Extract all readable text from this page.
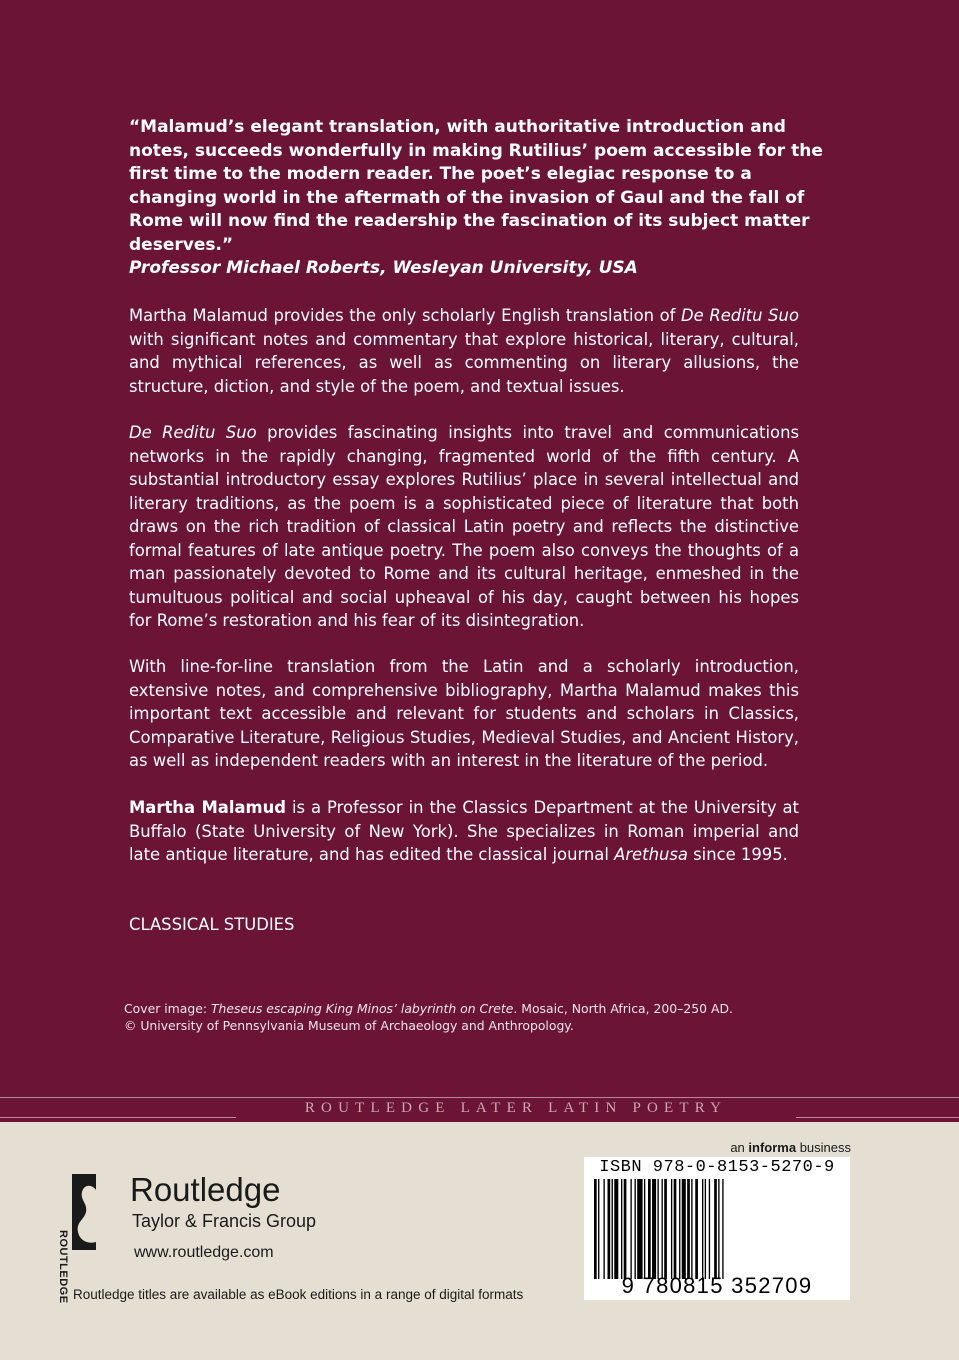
“Malamud’s elegant translation, with authoritative introduction and notes, succeeds wonderfully in making Rutilius’ poem accessible for the first time to the modern reader. The poet’s elegiac response to a changing world in the aftermath of the invasion of Gaul and the fall of Rome will now find the readership the fascination of its subject matter deserves.”
Professor Michael Roberts, Wesleyan University, USA
Martha Malamud provides the only scholarly English translation of De Reditu Suo with significant notes and commentary that explore historical, literary, cultural, and mythical references, as well as commenting on literary allusions, the structure, diction, and style of the poem, and textual issues.
De Reditu Suo provides fascinating insights into travel and communications networks in the rapidly changing, fragmented world of the fifth century. A substantial introductory essay explores Rutilius’ place in several intellectual and literary traditions, as the poem is a sophisticated piece of literature that both draws on the rich tradition of classical Latin poetry and reflects the distinctive formal features of late antique poetry. The poem also conveys the thoughts of a man passionately devoted to Rome and its cultural heritage, enmeshed in the tumultuous political and social upheaval of his day, caught between his hopes for Rome’s restoration and his fear of its disintegration.
With line-for-line translation from the Latin and a scholarly introduction, extensive notes, and comprehensive bibliography, Martha Malamud makes this important text accessible and relevant for students and scholars in Classics, Comparative Literature, Religious Studies, Medieval Studies, and Ancient History, as well as independent readers with an interest in the literature of the period.
Martha Malamud is a Professor in the Classics Department at the University at Buffalo (State University of New York). She specializes in Roman imperial and late antique literature, and has edited the classical journal Arethusa since 1995.
CLASSICAL STUDIES
Cover image: Theseus escaping King Minos’ labyrinth on Crete. Mosaic, North Africa, 200–250 AD.
© University of Pennsylvania Museum of Archaeology and Anthropology.
ROUTLEDGE LATER LATIN POETRY
ROUTLEDGE
Routledge
Taylor & Francis Group
www.routledge.com
Routledge titles are available as eBook editions in a range of digital formats
an informa business
ISBN 978-0-8153-5270-9
9 780815 352709
